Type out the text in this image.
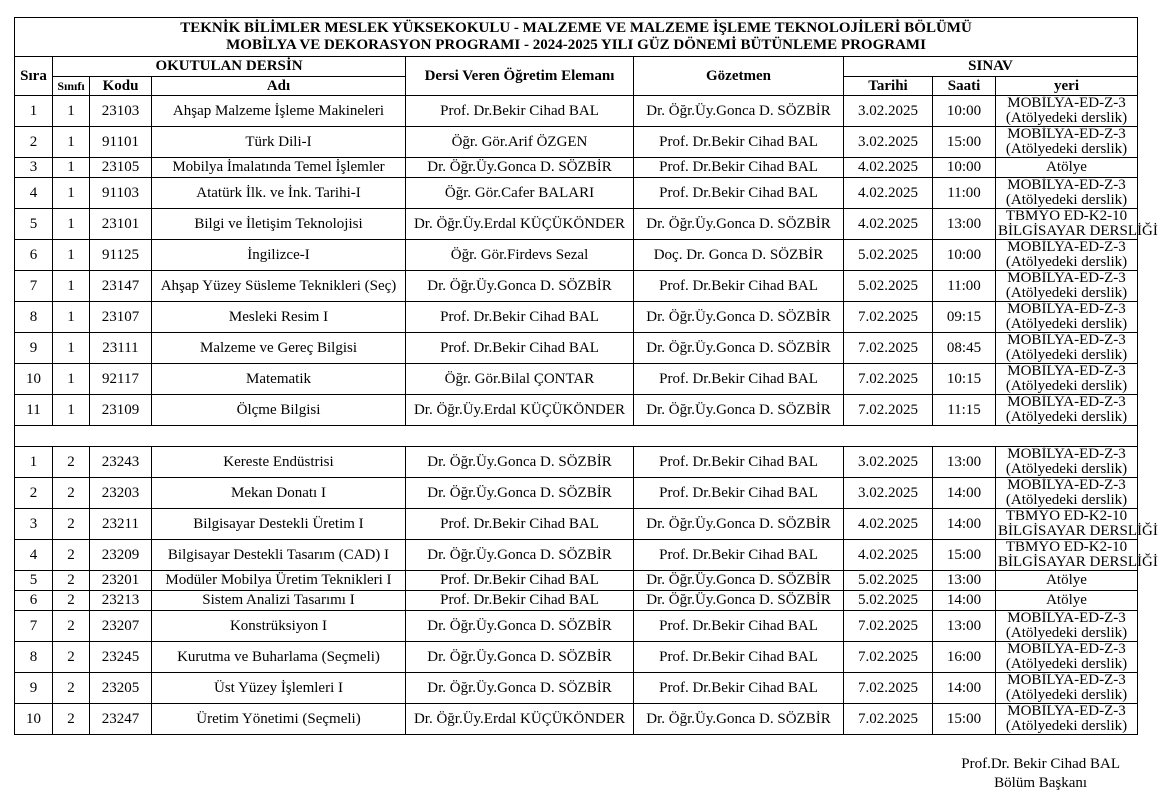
TEKNİK BİLİMLER MESLEK YÜKSEKOKULU - MALZEME VE MALZEME İŞLEME TEKNOLOJİLERİ BÖLÜMÜ
MOBİLYA VE DEKORASYON PROGRAMI - 2024-2025 YILI GÜZ DÖNEMİ BÜTÜNLEME PROGRAMI								

Sıra	OKUTULAN DERSİN			Dersi Veren Öğretim Elemanı	Gözetmen	SINAV		
	Sınıfı	Kodu	Adı			Tarihi	Saati	yeri
1	1	23103	Ahşap Malzeme İşleme Makineleri	Prof. Dr.Bekir Cihad BAL	Dr. Öğr.Üy.Gonca D. SÖZBİR	3.02.2025	10:00	MOBİLYA-ED-Z-3
(Atölyedeki derslik)

2	1	91101	Türk Dili-I	Öğr. Gör.Arif ÖZGEN	Prof. Dr.Bekir Cihad BAL	3.02.2025	15:00	MOBİLYA-ED-Z-3
(Atölyedeki derslik)

3	1	23105	Mobilya İmalatında Temel İşlemler	Dr. Öğr.Üy.Gonca D. SÖZBİR	Prof. Dr.Bekir Cihad BAL	4.02.2025	10:00	Atölye
4	1	91103	Atatürk İlk. ve İnk. Tarihi-I	Öğr. Gör.Cafer BALARI	Prof. Dr.Bekir Cihad BAL	4.02.2025	11:00	MOBİLYA-ED-Z-3
(Atölyedeki derslik)

5	1	23101	Bilgi ve İletişim Teknolojisi	Dr. Öğr.Üy.Erdal KÜÇÜKÖNDER	Dr. Öğr.Üy.Gonca D. SÖZBİR	4.02.2025	13:00	TBMYO ED-K2-10
BİLGİSAYAR DERSLİĞİ

6	1	91125	İngilizce-I	Öğr. Gör.Firdevs Sezal	Doç. Dr. Gonca D. SÖZBİR	5.02.2025	10:00	MOBİLYA-ED-Z-3
(Atölyedeki derslik)

7	1	23147	Ahşap Yüzey Süsleme Teknikleri (Seç)	Dr. Öğr.Üy.Gonca D. SÖZBİR	Prof. Dr.Bekir Cihad BAL	5.02.2025	11:00	MOBİLYA-ED-Z-3
(Atölyedeki derslik)

8	1	23107	Mesleki Resim I	Prof. Dr.Bekir Cihad BAL	Dr. Öğr.Üy.Gonca D. SÖZBİR	7.02.2025	09:15	MOBİLYA-ED-Z-3
(Atölyedeki derslik)

9	1	23111	Malzeme ve Gereç Bilgisi	Prof. Dr.Bekir Cihad BAL	Dr. Öğr.Üy.Gonca D. SÖZBİR	7.02.2025	08:45	MOBİLYA-ED-Z-3
(Atölyedeki derslik)

10	1	92117	Matematik	Öğr. Gör.Bilal ÇONTAR	Prof. Dr.Bekir Cihad BAL	7.02.2025	10:15	MOBİLYA-ED-Z-3
(Atölyedeki derslik)

11	1	23109	Ölçme Bilgisi	Dr. Öğr.Üy.Erdal KÜÇÜKÖNDER	Dr. Öğr.Üy.Gonca D. SÖZBİR	7.02.2025	11:15	MOBİLYA-ED-Z-3
(Atölyedeki derslik)

1	2	23243	Kereste Endüstrisi	Dr. Öğr.Üy.Gonca D. SÖZBİR	Prof. Dr.Bekir Cihad BAL	3.02.2025	13:00	MOBİLYA-ED-Z-3
(Atölyedeki derslik)

2	2	23203	Mekan Donatı I	Dr. Öğr.Üy.Gonca D. SÖZBİR	Prof. Dr.Bekir Cihad BAL	3.02.2025	14:00	MOBİLYA-ED-Z-3
(Atölyedeki derslik)

3	2	23211	Bilgisayar Destekli Üretim I	Prof. Dr.Bekir Cihad BAL	Dr. Öğr.Üy.Gonca D. SÖZBİR	4.02.2025	14:00	TBMYO ED-K2-10
BİLGİSAYAR DERSLİĞİ

4	2	23209	Bilgisayar Destekli Tasarım (CAD) I	Dr. Öğr.Üy.Gonca D. SÖZBİR	Prof. Dr.Bekir Cihad BAL	4.02.2025	15:00	TBMYO ED-K2-10
BİLGİSAYAR DERSLİĞİ

5	2	23201	Modüler Mobilya Üretim Teknikleri I	Prof. Dr.Bekir Cihad BAL	Dr. Öğr.Üy.Gonca D. SÖZBİR	5.02.2025	13:00	Atölye
6	2	23213	Sistem Analizi Tasarımı I	Prof. Dr.Bekir Cihad BAL	Dr. Öğr.Üy.Gonca D. SÖZBİR	5.02.2025	14:00	Atölye
7	2	23207	Konstrüksiyon I	Dr. Öğr.Üy.Gonca D. SÖZBİR	Prof. Dr.Bekir Cihad BAL	7.02.2025	13:00	MOBİLYA-ED-Z-3
(Atölyedeki derslik)

8	2	23245	Kurutma ve Buharlama (Seçmeli)	Dr. Öğr.Üy.Gonca D. SÖZBİR	Prof. Dr.Bekir Cihad BAL	7.02.2025	16:00	MOBİLYA-ED-Z-3
(Atölyedeki derslik)

9	2	23205	Üst Yüzey İşlemleri I	Dr. Öğr.Üy.Gonca D. SÖZBİR	Prof. Dr.Bekir Cihad BAL	7.02.2025	14:00	MOBİLYA-ED-Z-3
(Atölyedeki derslik)

10	2	23247	Üretim Yönetimi (Seçmeli)	Dr. Öğr.Üy.Erdal KÜÇÜKÖNDER	Dr. Öğr.Üy.Gonca D. SÖZBİR	7.02.2025	15:00	MOBİLYA-ED-Z-3
(Atölyedeki derslik)
Prof.Dr. Bekir Cihad BAL
Bölüm Başkanı
